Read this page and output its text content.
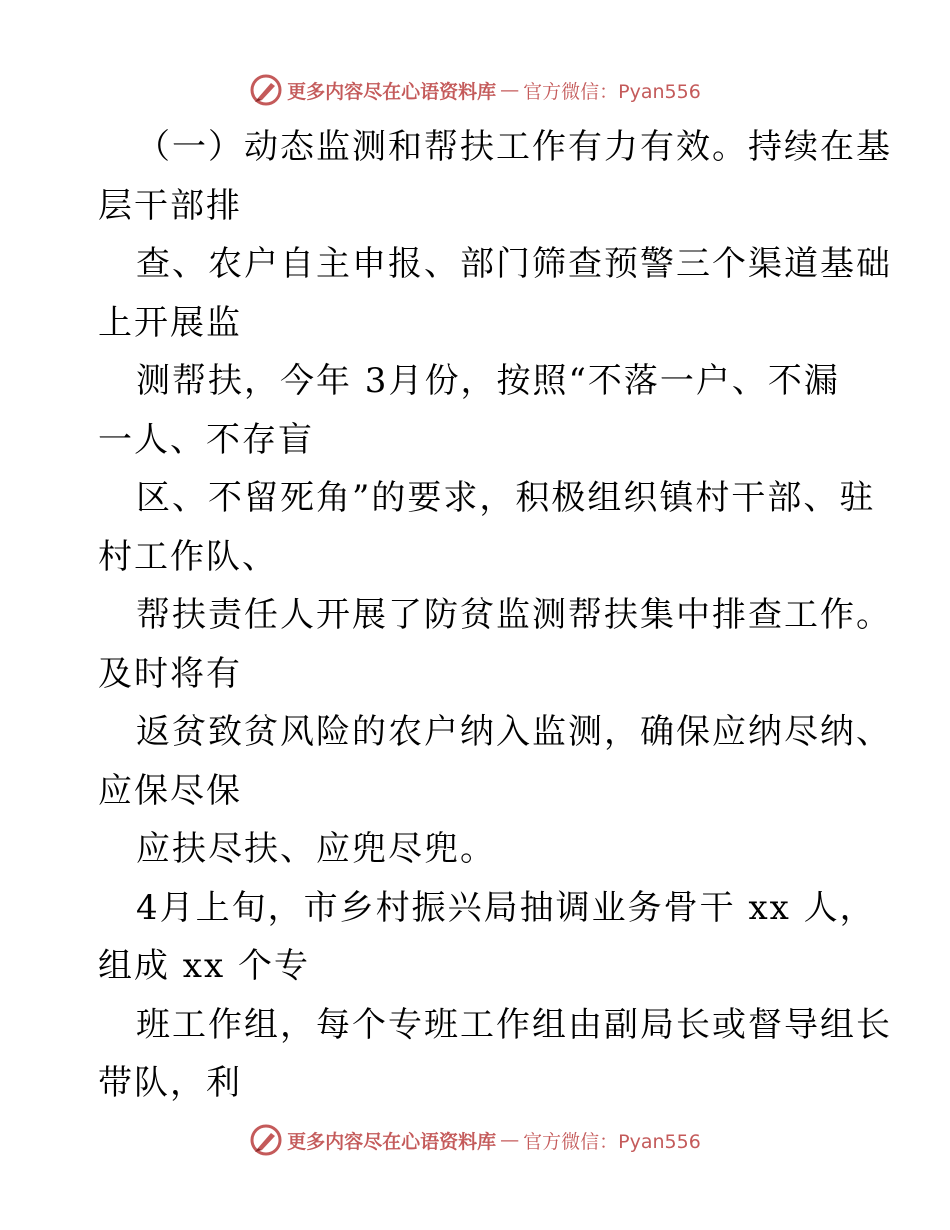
更多内容尽在心语资料库 — 官方微信：Pyan556
（一）动态监测和帮扶工作有力有效。持续在基
层干部排
查、农户自主申报、部门筛查预警三个渠道基础
上开展监
测帮扶，今年 3月份，按照“不落一户、不漏
一人、不存盲
区、不留死角”的要求，积极组织镇村干部、驻
村工作队、
帮扶责任人开展了防贫监测帮扶集中排查工作。
及时将有
返贫致贫风险的农户纳入监测，确保应纳尽纳、
应保尽保
应扶尽扶、应兜尽兜。
4月上旬，市乡村振兴局抽调业务骨干 xx 人，
组成 xx 个专
班工作组，每个专班工作组由副局长或督导组长
带队，利
更多内容尽在心语资料库 — 官方微信：Pyan556
